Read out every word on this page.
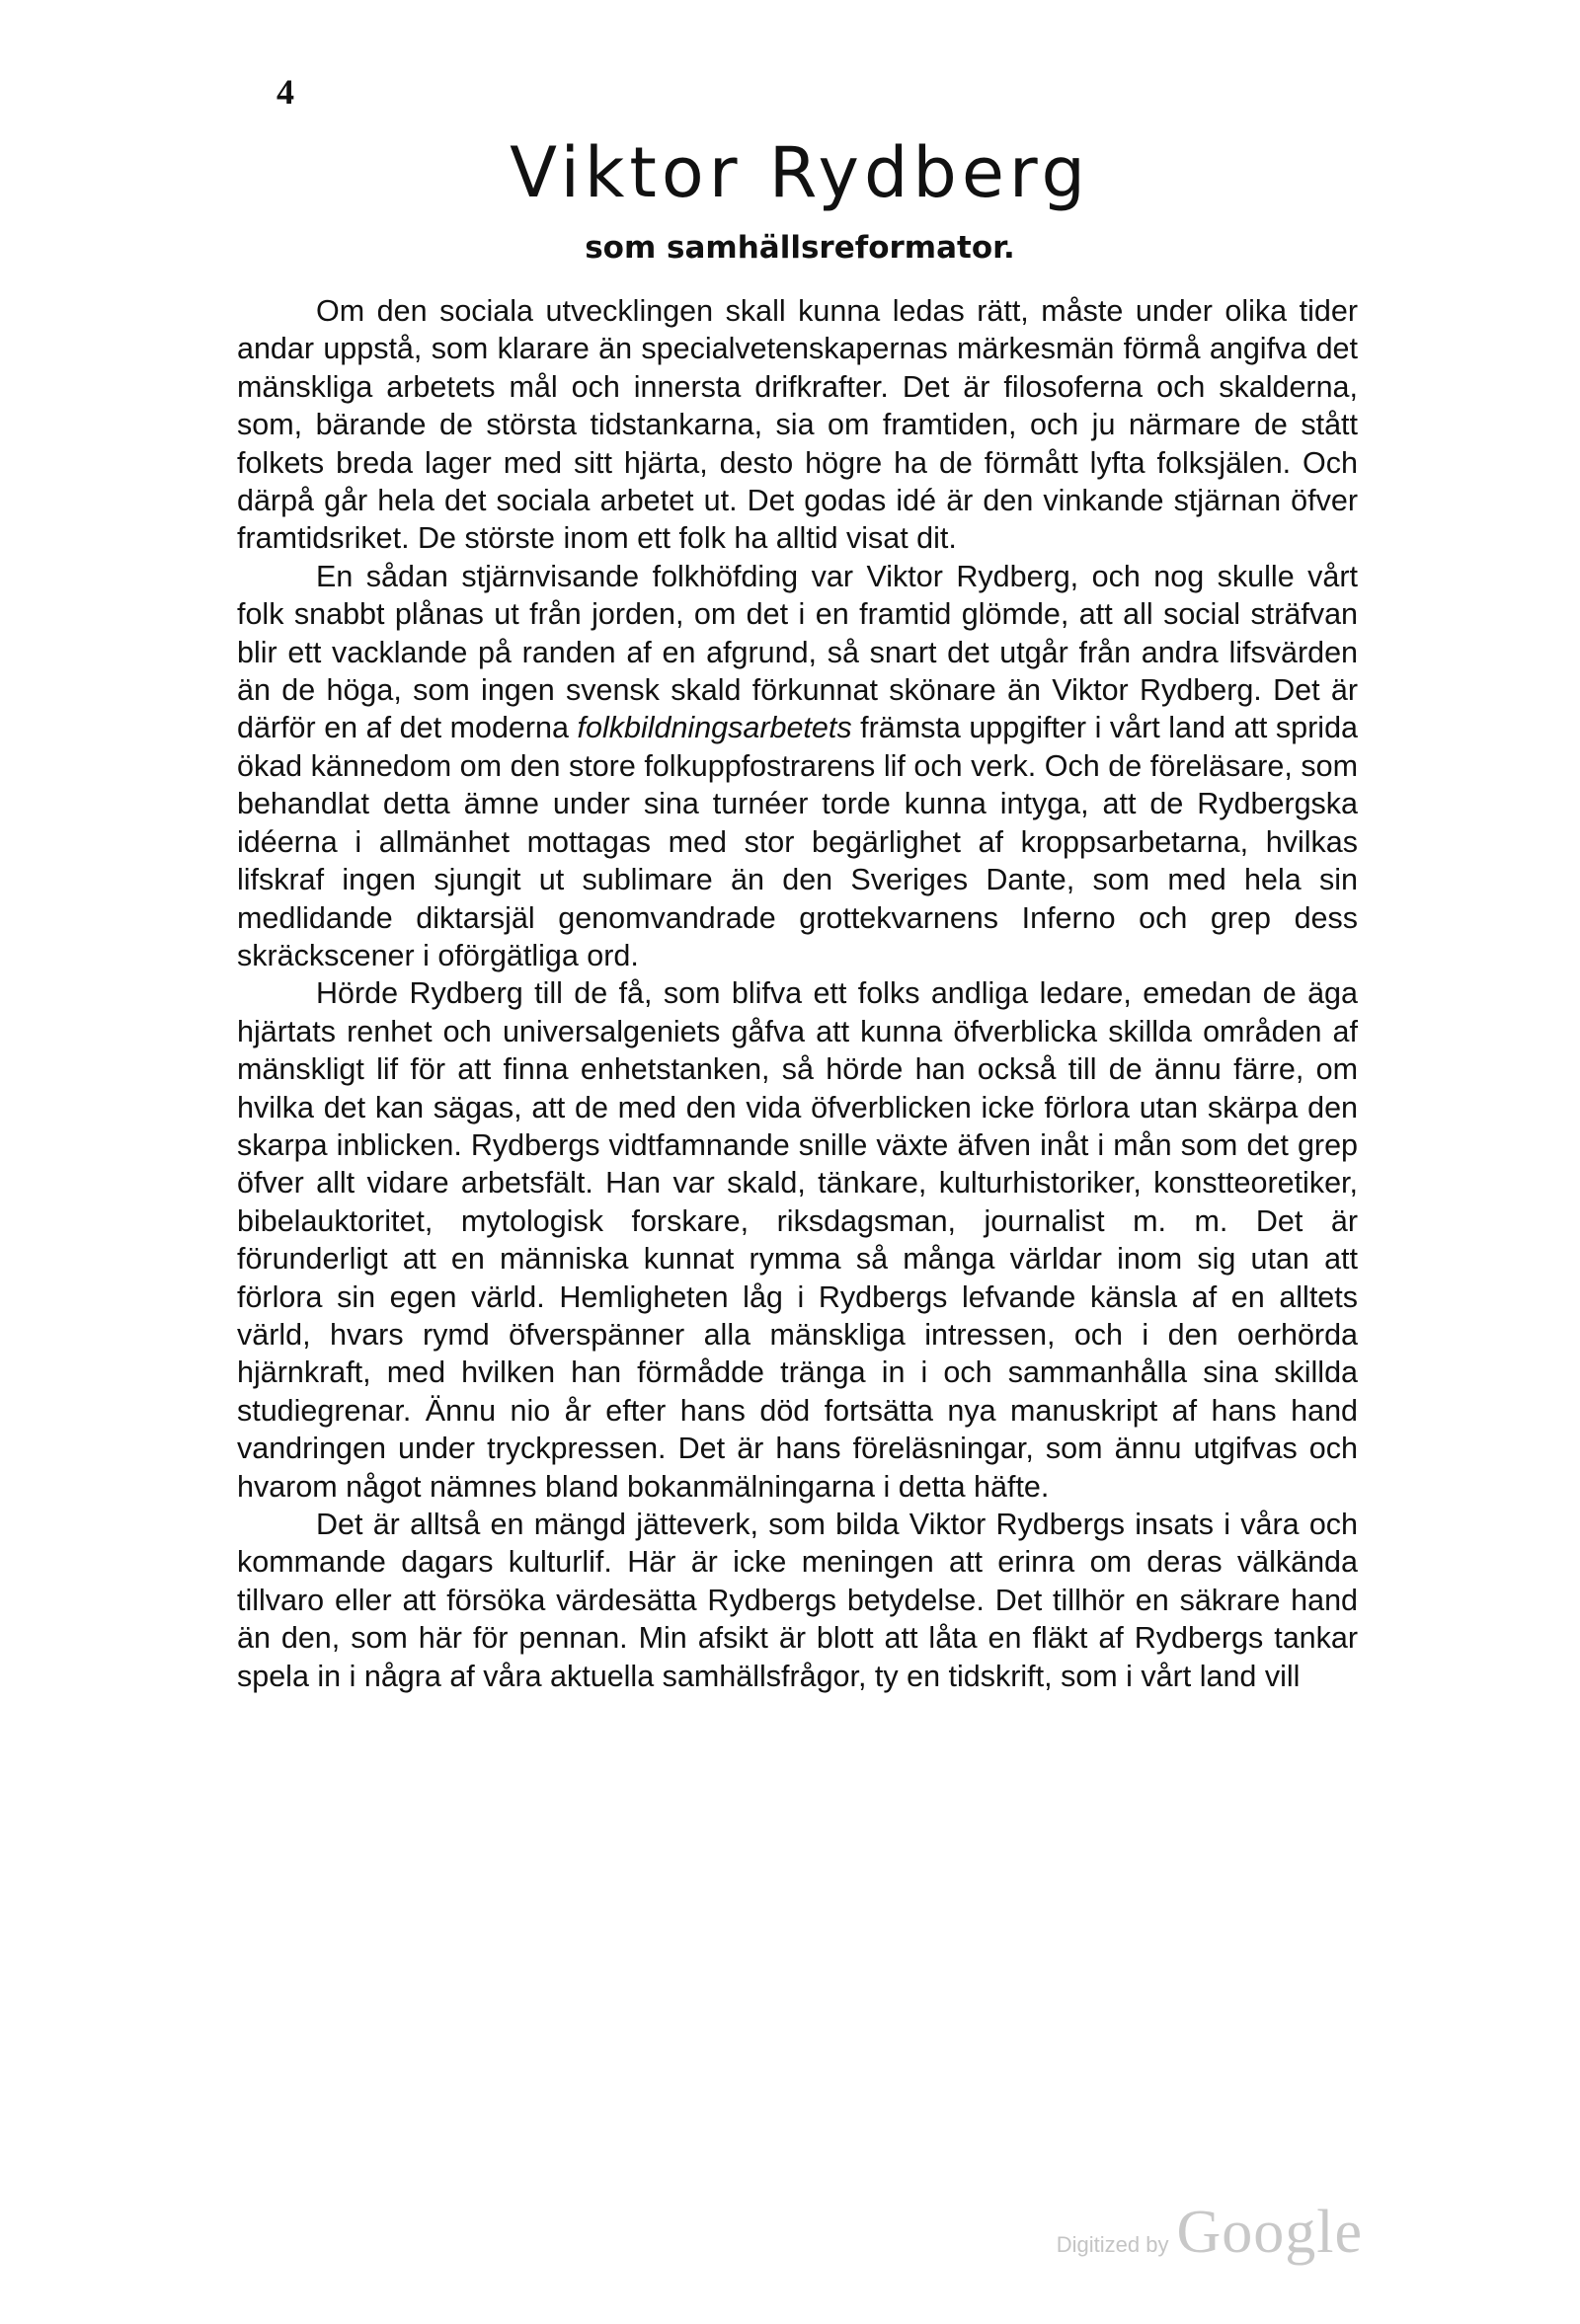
4
Viktor Rydberg
som samhällsreformator.

Om den sociala utvecklingen skall kunna ledas rätt, måste under olika tider andar uppstå, som klarare än specialvetenskapernas märkesmän förmå angifva det mänskliga arbetets mål och innersta drifkrafter. Det är filosoferna och skalderna, som, bärande de största tidstankarna, sia om framtiden, och ju närmare de stått folkets breda lager med sitt hjärta, desto högre ha de förmått lyfta folksjälen. Och därpå går hela det sociala arbetet ut. Det godas idé är den vinkande stjärnan öfver framtidsriket. De störste inom ett folk ha alltid visat dit.

En sådan stjärnvisande folkhöfding var Viktor Rydberg, och nog skulle vårt folk snabbt plånas ut från jorden, om det i en framtid glömde, att all social sträfvan blir ett vacklande på randen af en afgrund, så snart det utgår från andra lifsvärden än de höga, som ingen svensk skald förkunnat skönare än Viktor Rydberg. Det är därför en af det moderna folkbildningsarbetets främsta uppgifter i vårt land att sprida ökad kännedom om den store folkuppfostrarens lif och verk. Och de föreläsare, som behandlat detta ämne under sina turnéer torde kunna intyga, att de Rydbergska idéerna i allmänhet mottagas med stor begärlighet af kroppsarbetarna, hvilkas lifskraf ingen sjungit ut sublimare än den Sveriges Dante, som med hela sin medlidande diktarsjäl genomvandrade grottekvarnens Inferno och grep dess skräckscener i oförgätliga ord.

Hörde Rydberg till de få, som blifva ett folks andliga ledare, emedan de äga hjärtats renhet och universalgeniets gåfva att kunna öfverblicka skillda områden af mänskligt lif för att finna enhetstanken, så hörde han också till de ännu färre, om hvilka det kan sägas, att de med den vida öfverblicken icke förlora utan skärpa den skarpa inblicken. Rydbergs vidtfamnande snille växte äfven inåt i mån som det grep öfver allt vidare arbetsfält. Han var skald, tänkare, kulturhistoriker, konstteoretiker, bibelauktoritet, mytologisk forskare, riksdagsman, journalist m. m. Det är förunderligt att en människa kunnat rymma så många världar inom sig utan att förlora sin egen värld. Hemligheten låg i Rydbergs lefvande känsla af en alltets värld, hvars rymd öfverspänner alla mänskliga intressen, och i den oerhörda hjärnkraft, med hvilken han förmådde tränga in i och sammanhålla sina skillda studiegrenar. Ännu nio år efter hans död fortsätta nya manuskript af hans hand vandringen under tryckpressen. Det är hans föreläsningar, som ännu utgifvas och hvarom något nämnes bland bokanmälningarna i detta häfte.

Det är alltså en mängd jätteverk, som bilda Viktor Rydbergs insats i våra och kommande dagars kulturlif. Här är icke meningen att erinra om deras välkända tillvaro eller att försöka värdesätta Rydbergs betydelse. Det tillhör en säkrare hand än den, som här för pennan. Min afsikt är blott att låta en fläkt af Rydbergs tankar spela in i några af våra aktuella samhällsfrågor, ty en tidskrift, som i vårt land vill

Digitized by Google
